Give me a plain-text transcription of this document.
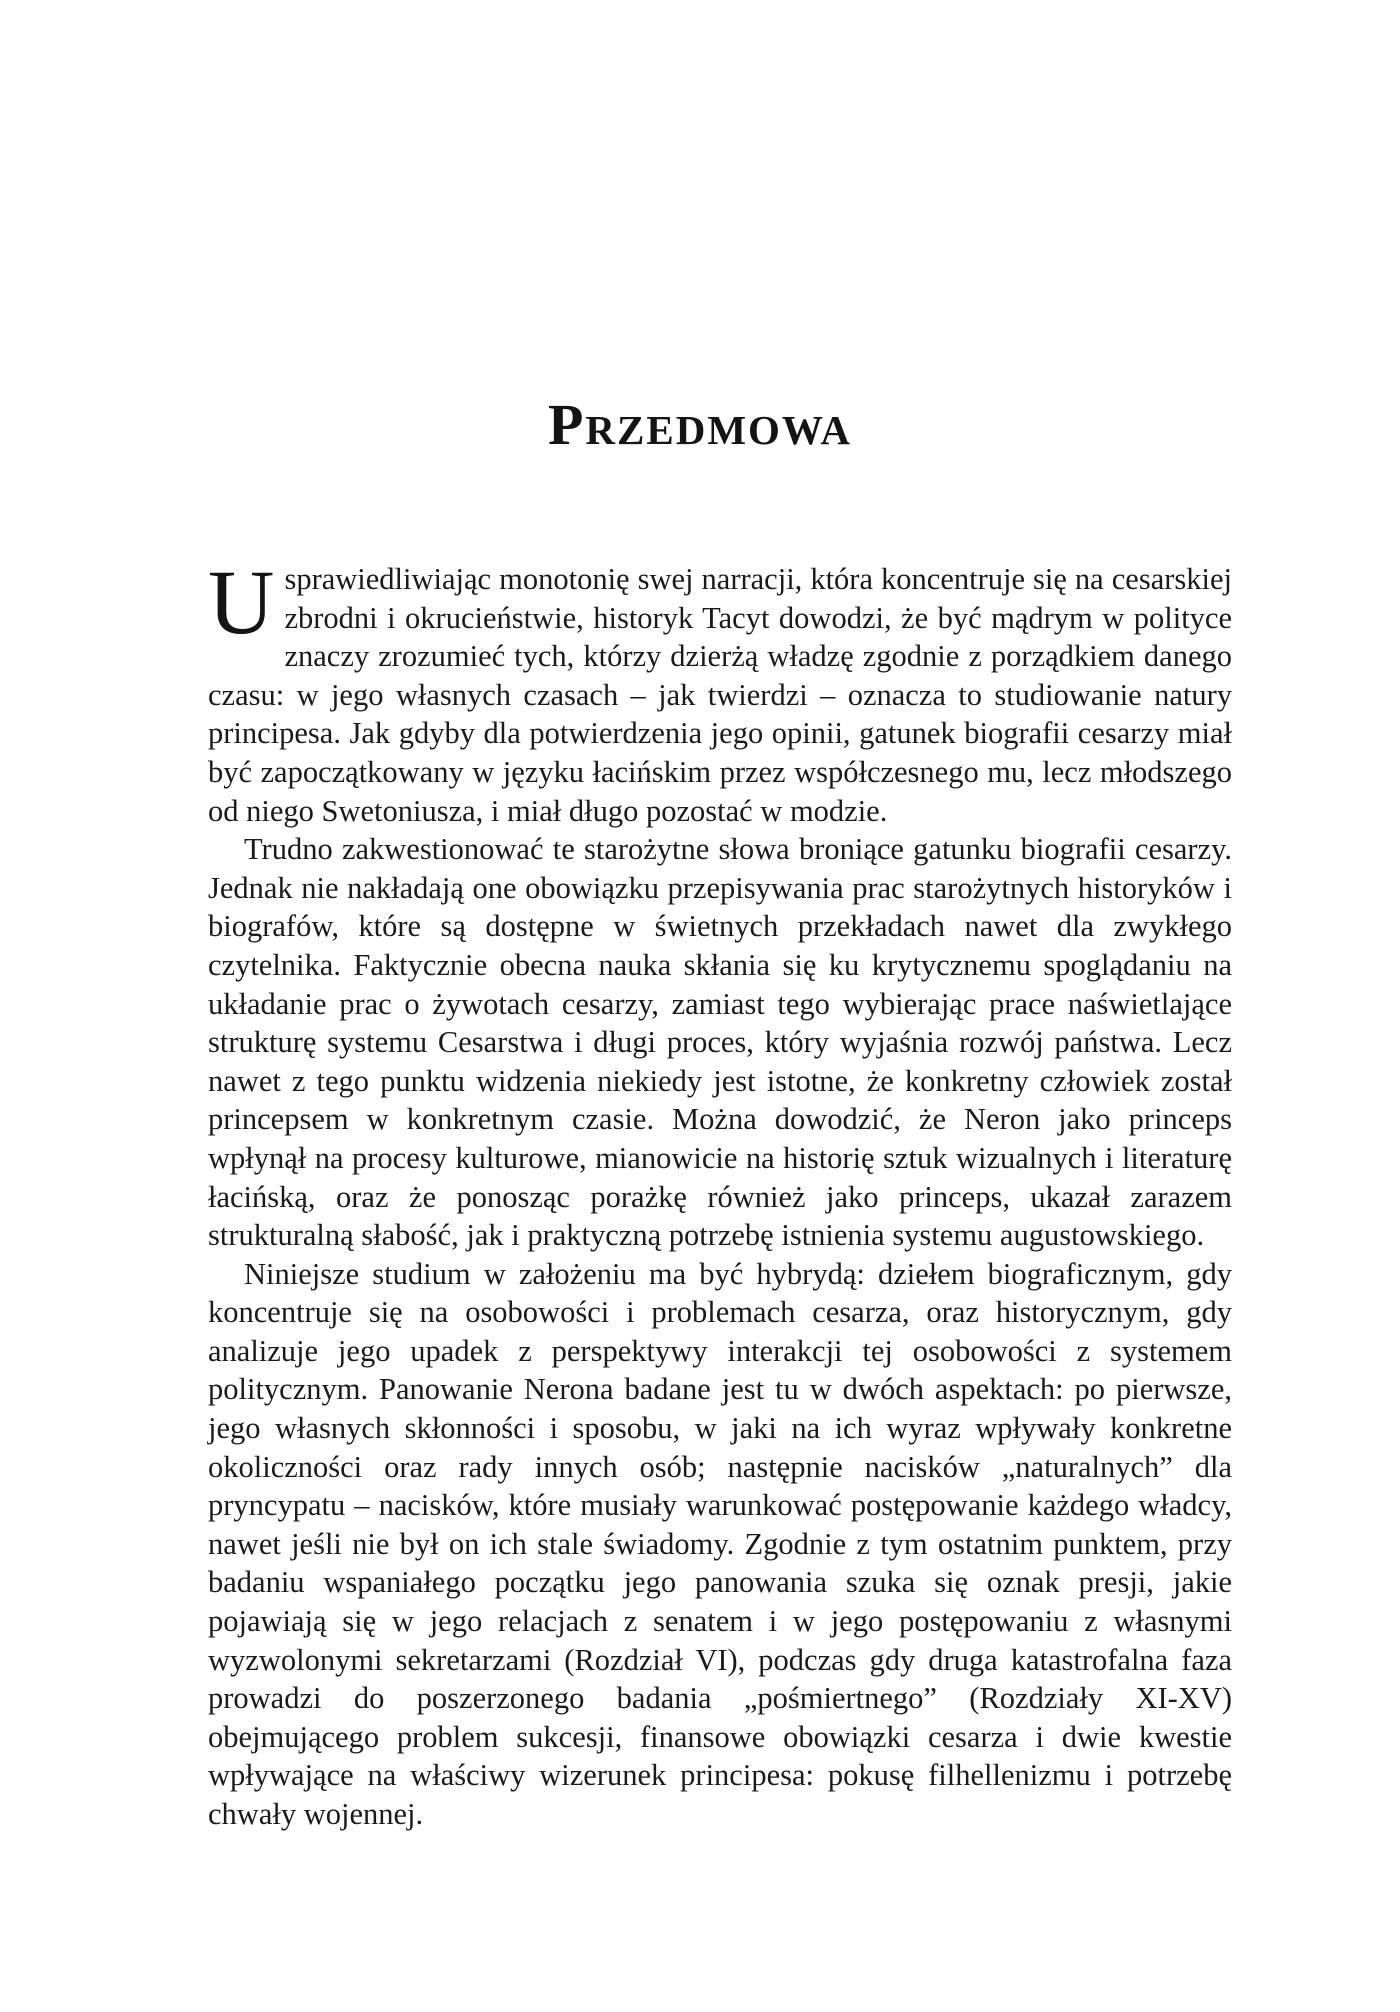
Przedmowa

Usprawiedliwiając monotonię swej narracji, która koncentruje się na cesarskiej zbrodni i okrucieństwie, historyk Tacyt dowodzi, że być mądrym w polityce znaczy zrozumieć tych, którzy dzierżą władzę zgodnie z porządkiem danego czasu: w jego własnych czasach – jak twierdzi – oznacza to studiowanie natury principesa. Jak gdyby dla potwierdzenia jego opinii, gatunek biografii cesarzy miał być zapoczątkowany w języku łacińskim przez współczesnego mu, lecz młodszego od niego Swetoniusza, i miał długo pozostać w modzie.

Trudno zakwestionować te starożytne słowa broniące gatunku biografii cesarzy. Jednak nie nakładają one obowiązku przepisywania prac starożytnych historyków i biografów, które są dostępne w świetnych przekładach nawet dla zwykłego czytelnika. Faktycznie obecna nauka skłania się ku krytycznemu spoglądaniu na układanie prac o żywotach cesarzy, zamiast tego wybierając prace naświetlające strukturę systemu Cesarstwa i długi proces, który wyjaśnia rozwój państwa. Lecz nawet z tego punktu widzenia niekiedy jest istotne, że konkretny człowiek został princepsem w konkretnym czasie. Można dowodzić, że Neron jako princeps wpłynął na procesy kulturowe, mianowicie na historię sztuk wizualnych i literaturę łacińską, oraz że ponosząc porażkę również jako princeps, ukazał zarazem strukturalną słabość, jak i praktyczną potrzebę istnienia systemu augustowskiego.

Niniejsze studium w założeniu ma być hybrydą: dziełem biograficznym, gdy koncentruje się na osobowości i problemach cesarza, oraz historycznym, gdy analizuje jego upadek z perspektywy interakcji tej osobowości z systemem politycznym. Panowanie Nerona badane jest tu w dwóch aspektach: po pierwsze, jego własnych skłonności i sposobu, w jaki na ich wyraz wpływały konkretne okoliczności oraz rady innych osób; następnie nacisków „naturalnych” dla pryncypatu – nacisków, które musiały warunkować postępowanie każdego władcy, nawet jeśli nie był on ich stale świadomy. Zgodnie z tym ostatnim punktem, przy badaniu wspaniałego początku jego panowania szuka się oznak presji, jakie pojawiają się w jego relacjach z senatem i w jego postępowaniu z własnymi wyzwolonymi sekretarzami (Rozdział VI), podczas gdy druga katastrofalna faza prowadzi do poszerzonego badania „pośmiertnego” (Rozdziały XI-XV) obejmującego problem sukcesji, finansowe obowiązki cesarza i dwie kwestie wpływające na właściwy wizerunek principesa: pokusę filhellenizmu i potrzebę chwały wojennej.
